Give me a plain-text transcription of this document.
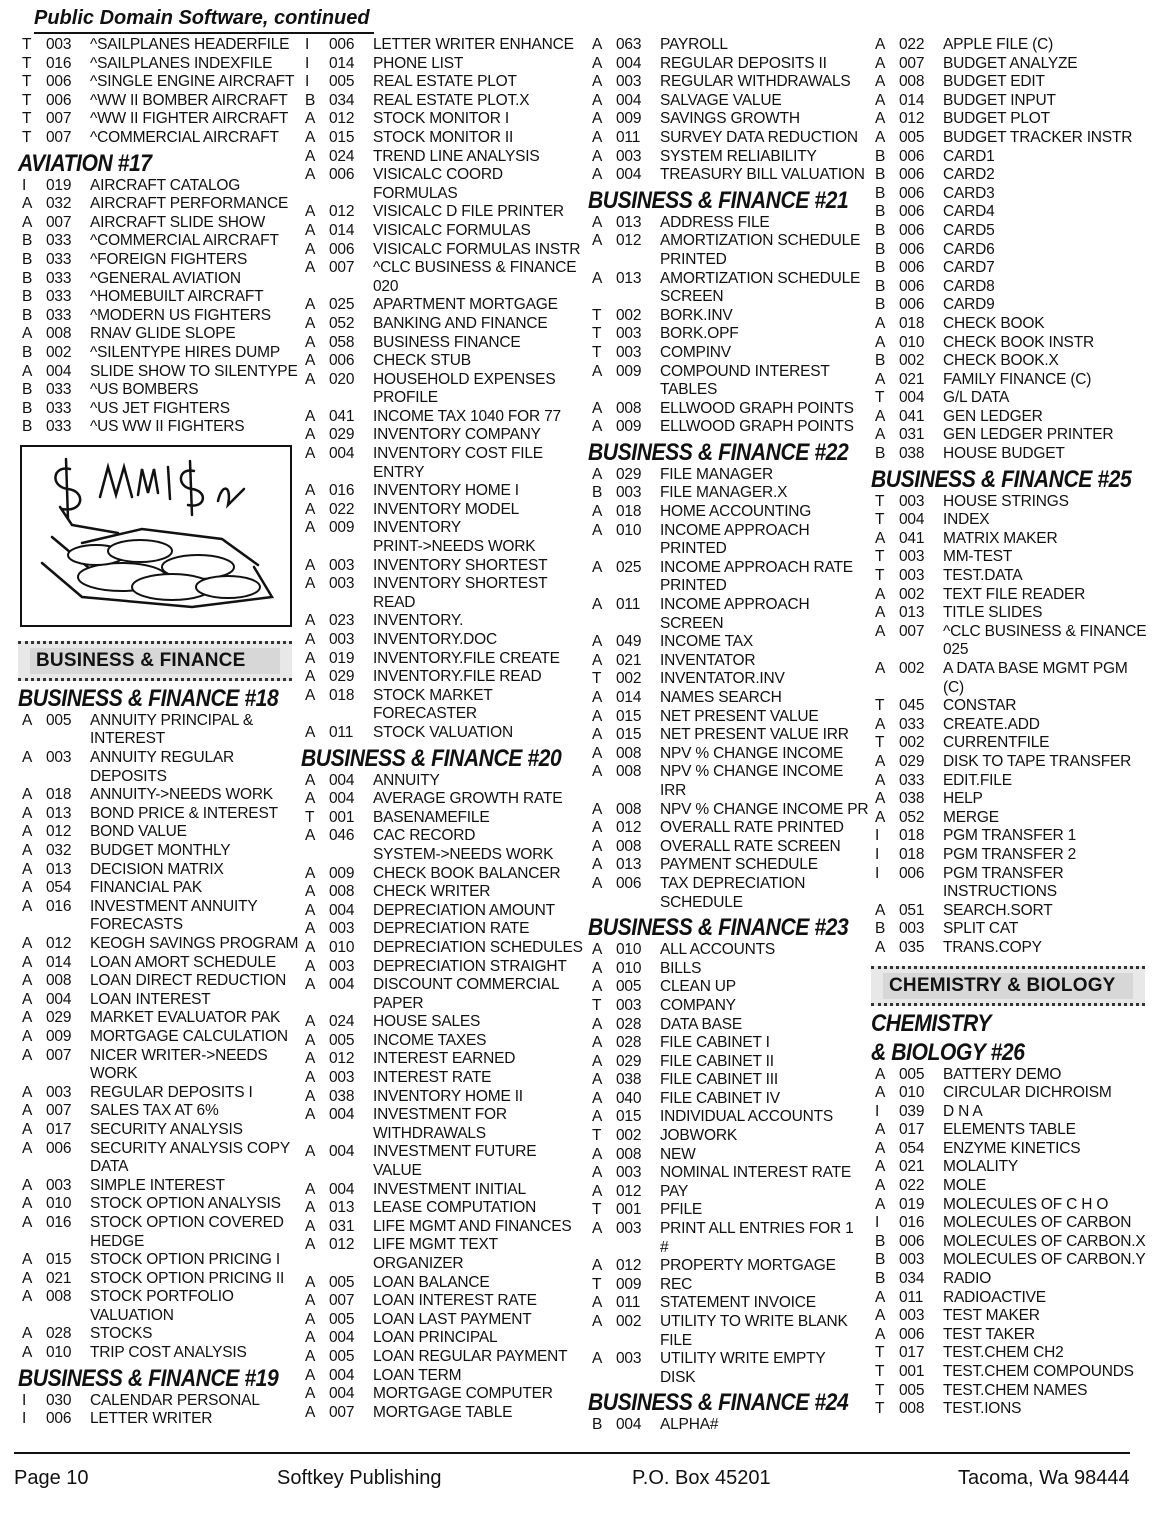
Public Domain Software, continued
T 003	^SAILPLANES HEADERFILE
T 016	^SAILPLANES INDEXFILE
T 006	^SINGLE ENGINE AIRCRAFT
T 006	^WW II BOMBER AIRCRAFT
T 007	^WW II FIGHTER AIRCRAFT
T 007	^COMMERCIAL AIRCRAFT
AVIATION #17
I	019	AIRCRAFT CATALOG
A 032	AIRCRAFT PERFORMANCE
A 007	AIRCRAFT SLIDE SHOW
B 033	^COMMERCIAL AIRCRAFT
B 033	^FOREIGN FIGHTERS
B 033	^GENERAL AVIATION
B 033	^HOMEBUILT AIRCRAFT
B 033	^MODERN US FIGHTERS
A 008	RNAV GLIDE SLOPE
B 002	^SILENTYPE HIRES DUMP
A 004	SLIDE SHOW TO SILENTYPE
B 033	^US BOMBERS
B 033	^US JET FIGHTERS
B 033	^US WW II FIGHTERS
BUSINESS & FINANCE
BUSINESS & FINANCE #18
A 005	ANNUITY PRINCIPAL &
INTEREST
A 003	ANNUITY REGULAR
DEPOSITS
A 018	ANNUITY->NEEDS WORK
A 013	BOND PRICE & INTEREST
A 012	BOND VALUE
A 032	BUDGET MONTHLY
A 013	DECISION MATRIX
A 054	FINANCIAL PAK
A 016	INVESTMENT ANNUITY
FORECASTS
A 012	KEOGH SAVINGS PROGRAM
A 014	LOAN AMORT SCHEDULE
A 008	LOAN DIRECT REDUCTION
A 004	LOAN INTEREST
A 029	MARKET EVALUATOR PAK
A 009	MORTGAGE CALCULATION
A 007	NICER WRITER->NEEDS
WORK
A 003	REGULAR DEPOSITS I
A 007	SALES TAX AT 6%
A 017	SECURITY ANALYSIS
A 006	SECURITY ANALYSIS COPY
DATA
A 003	SIMPLE INTEREST
A 010	STOCK OPTION ANALYSIS
A 016	STOCK OPTION COVERED
HEDGE
A 015	STOCK OPTION PRICING I
A 021	STOCK OPTION PRICING II
A 008	STOCK PORTFOLIO
VALUATION
A 028	STOCKS
A 010	TRIP COST ANALYSIS
BUSINESS & FINANCE #19
I	030	CALENDAR PERSONAL
I	006	LETTER WRITER
I	006	LETTER WRITER ENHANCE
I	014	PHONE LIST
I	005	REAL ESTATE PLOT
B 034	REAL ESTATE PLOT.X
A 012	STOCK MONITOR I
A 015	STOCK MONITOR II
A 024	TREND LINE ANALYSIS
A 006	VISICALC COORD
FORMULAS
A 012	VISICALC D FILE PRINTER
A 014	VISICALC FORMULAS
A 006	VISICALC FORMULAS INSTR
A 007	^CLC BUSINESS & FINANCE
020
A 025	APARTMENT MORTGAGE
A 052	BANKING AND FINANCE
A 058	BUSINESS FINANCE
A 006	CHECK STUB
A 020	HOUSEHOLD EXPENSES
PROFILE
A 041	INCOME TAX 1040 FOR 77
A 029	INVENTORY COMPANY
A 004	INVENTORY COST FILE
ENTRY
A 016	INVENTORY HOME I
A 022	INVENTORY MODEL
A 009	INVENTORY
PRINT->NEEDS WORK
A 003	INVENTORY SHORTEST
A 003	INVENTORY SHORTEST
READ
A 023	INVENTORY.
A 003	INVENTORY.DOC
A 019	INVENTORY.FILE CREATE
A 029	INVENTORY.FILE READ
A 018	STOCK MARKET
FORECASTER
A 011	STOCK VALUATION
BUSINESS & FINANCE #20
A 004	ANNUITY
A 004	AVERAGE GROWTH RATE
T 001	BASENAMEFILE
A 046	CAC RECORD
SYSTEM->NEEDS WORK
A 009	CHECK BOOK BALANCER
A 008	CHECK WRITER
A 004	DEPRECIATION AMOUNT
A 003	DEPRECIATION RATE
A 010	DEPRECIATION SCHEDULES
A 003	DEPRECIATION STRAIGHT
A 004	DISCOUNT COMMERCIAL
PAPER
A 024	HOUSE SALES
A 005	INCOME TAXES
A 012	INTEREST EARNED
A 003	INTEREST RATE
A 038	INVENTORY HOME II
A 004	INVESTMENT FOR
WITHDRAWALS
A 004	INVESTMENT FUTURE
VALUE
A 004	INVESTMENT INITIAL
A 013	LEASE COMPUTATION
A 031	LIFE MGMT AND FINANCES
A 012	LIFE MGMT TEXT
ORGANIZER
A 005	LOAN BALANCE
A 007	LOAN INTEREST RATE
A 005	LOAN LAST PAYMENT
A 004	LOAN PRINCIPAL
A 005	LOAN REGULAR PAYMENT
A 004	LOAN TERM
A 004	MORTGAGE COMPUTER
A 007	MORTGAGE TABLE
A 063	PAYROLL
A 004	REGULAR DEPOSITS II
A 003	REGULAR WITHDRAWALS
A 004	SALVAGE VALUE
A 009	SAVINGS GROWTH
A 011	SURVEY DATA REDUCTION
A 003	SYSTEM RELIABILITY
A 004	TREASURY BILL VALUATION
BUSINESS & FINANCE #21
A 013	ADDRESS FILE
A 012	AMORTIZATION SCHEDULE
PRINTED
A 013	AMORTIZATION SCHEDULE
SCREEN
T 002	BORK.INV
T 003	BORK.OPF
T 003	COMPINV
A 009	COMPOUND INTEREST
TABLES
A 008	ELLWOOD GRAPH POINTS
A 009	ELLWOOD GRAPH POINTS
BUSINESS & FINANCE #22
A 029	FILE MANAGER
B 003	FILE MANAGER.X
A 018	HOME ACCOUNTING
A 010	INCOME APPROACH
PRINTED
A 025	INCOME APPROACH RATE
PRINTED
A 011	INCOME APPROACH
SCREEN
A 049	INCOME TAX
A 021	INVENTATOR
T 002	INVENTATOR.INV
A 014	NAMES SEARCH
A 015	NET PRESENT VALUE
A 015	NET PRESENT VALUE IRR
A 008	NPV % CHANGE INCOME
A 008	NPV % CHANGE INCOME
IRR
A 008	NPV % CHANGE INCOME PR
A 012	OVERALL RATE PRINTED
A 008	OVERALL RATE SCREEN
A 013	PAYMENT SCHEDULE
A 006	TAX DEPRECIATION
SCHEDULE
BUSINESS & FINANCE #23
A 010	ALL ACCOUNTS
A 010	BILLS
A 005	CLEAN UP
T 003	COMPANY
A 028	DATA BASE
A 028	FILE CABINET I
A 029	FILE CABINET II
A 038	FILE CABINET III
A 040	FILE CABINET IV
A 015	INDIVIDUAL ACCOUNTS
T 002	JOBWORK
A 008	NEW
A 003	NOMINAL INTEREST RATE
A 012	PAY
T 001	PFILE
A 003	PRINT ALL ENTRIES FOR 1
#
A 012	PROPERTY MORTGAGE
T 009	REC
A 011	STATEMENT INVOICE
A 002	UTILITY TO WRITE BLANK
FILE
A 003	UTILITY WRITE EMPTY
DISK
BUSINESS & FINANCE #24
B 004	ALPHA#
A 022	APPLE FILE (C)
A 007	BUDGET ANALYZE
A 008	BUDGET EDIT
A 014	BUDGET INPUT
A 012	BUDGET PLOT
A 005	BUDGET TRACKER INSTR
B 006	CARD1
B 006	CARD2
B 006	CARD3
B 006	CARD4
B 006	CARD5
B 006	CARD6
B 006	CARD7
B 006	CARD8
B 006	CARD9
A 018	CHECK BOOK
A 010	CHECK BOOK INSTR
B 002	CHECK BOOK.X
A 021	FAMILY FINANCE (C)
T 004	G/L DATA
A 041	GEN LEDGER
A 031	GEN LEDGER PRINTER
B 038	HOUSE BUDGET
BUSINESS & FINANCE #25
T 003	HOUSE STRINGS
T 004	INDEX
A 041	MATRIX MAKER
T 003	MM-TEST
T 003	TEST.DATA
A 002	TEXT FILE READER
A 013	TITLE SLIDES
A 007	^CLC BUSINESS & FINANCE
025
A 002	A DATA BASE MGMT PGM
(C)
T 045	CONSTAR
A 033	CREATE.ADD
T 002	CURRENTFILE
A 029	DISK TO TAPE TRANSFER
A 033	EDIT.FILE
A 038	HELP
A 052	MERGE
I	018	PGM TRANSFER 1
I	018	PGM TRANSFER 2
I	006	PGM TRANSFER
INSTRUCTIONS
A 051	SEARCH.SORT
B 003	SPLIT CAT
A 035	TRANS.COPY
CHEMISTRY & BIOLOGY
CHEMISTRY
& BIOLOGY #26
A 005	BATTERY DEMO
A 010	CIRCULAR DICHROISM
I	039	D N A
A 017	ELEMENTS TABLE
A 054	ENZYME KINETICS
A 021	MOLALITY
A 022	MOLE
A 019	MOLECULES OF C H O
I	016	MOLECULES OF CARBON
B 006	MOLECULES OF CARBON.X
B 003	MOLECULES OF CARBON.Y
B 034	RADIO
A 011	RADIOACTIVE
A 003	TEST MAKER
A 006	TEST TAKER
T 017	TEST.CHEM CH2
T 001	TEST.CHEM COMPOUNDS
T 005	TEST.CHEM NAMES
T 008	TEST.IONS
Page 10	Softkey Publishing	P.O. Box 45201	Tacoma, Wa 98444
